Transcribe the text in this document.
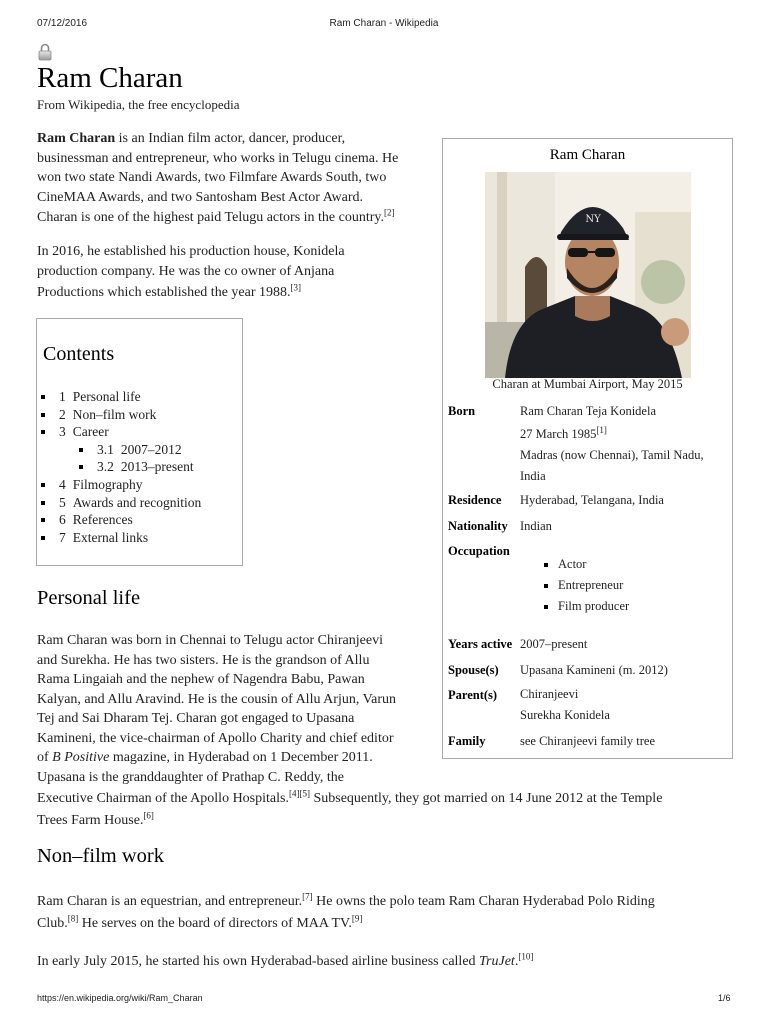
07/12/2016	Ram Charan - Wikipedia
Ram Charan
From Wikipedia, the free encyclopedia
Ram Charan is an Indian film actor, dancer, producer,
businessman and entrepreneur, who works in Telugu cinema. He
won two state Nandi Awards, two Filmfare Awards South, two
CineMAA Awards, and two Santosham Best Actor Award.
Charan is one of the highest paid Telugu actors in the country.[2]
In 2016, he established his production house, Konidela
production company. He was the co owner of Anjana
Productions which established the year 1988.[3]
Contents
1 Personal life
2 Non–film work
3 Career
3.1 2007–2012
3.2 2013–present
4 Filmography
5 Awards and recognition
6 References
7 External links
Personal life
Ram Charan was born in Chennai to Telugu actor Chiranjeevi
and Surekha. He has two sisters. He is the grandson of Allu
Rama Lingaiah and the nephew of Nagendra Babu, Pawan
Kalyan, and Allu Aravind. He is the cousin of Allu Arjun, Varun
Tej and Sai Dharam Tej. Charan got engaged to Upasana
Kamineni, the vice-chairman of Apollo Charity and chief editor
of B Positive magazine, in Hyderabad on 1 December 2011.
Upasana is the granddaughter of Prathap C. Reddy, the
Executive Chairman of the Apollo Hospitals.[4][5] Subsequently, they got married on 14 June 2012 at the Temple
Trees Farm House.[6]
Non–film work
Ram Charan is an equestrian, and entrepreneur.[7] He owns the polo team Ram Charan Hyderabad Polo Riding
Club.[8] He serves on the board of directors of MAA TV.[9]
In early July 2015, he started his own Hyderabad-based airline business called TruJet.[10]
Ram Charan
NY
Charan at Mumbai Airport, May 2015
Born	Ram Charan Teja Konidela
27 March 1985[1]
Madras (now Chennai), Tamil Nadu,
India
Residence Hyderabad, Telangana, India
Nationality Indian
Occupation
Actor
Entrepreneur
Film producer
Years active 2007–present
Spouse(s) Upasana Kamineni (m. 2012)
Parent(s) Chiranjeevi
Surekha Konidela
Family	see Chiranjeevi family tree
https://en.wikipedia.org/wiki/Ram_Charan	1/6
